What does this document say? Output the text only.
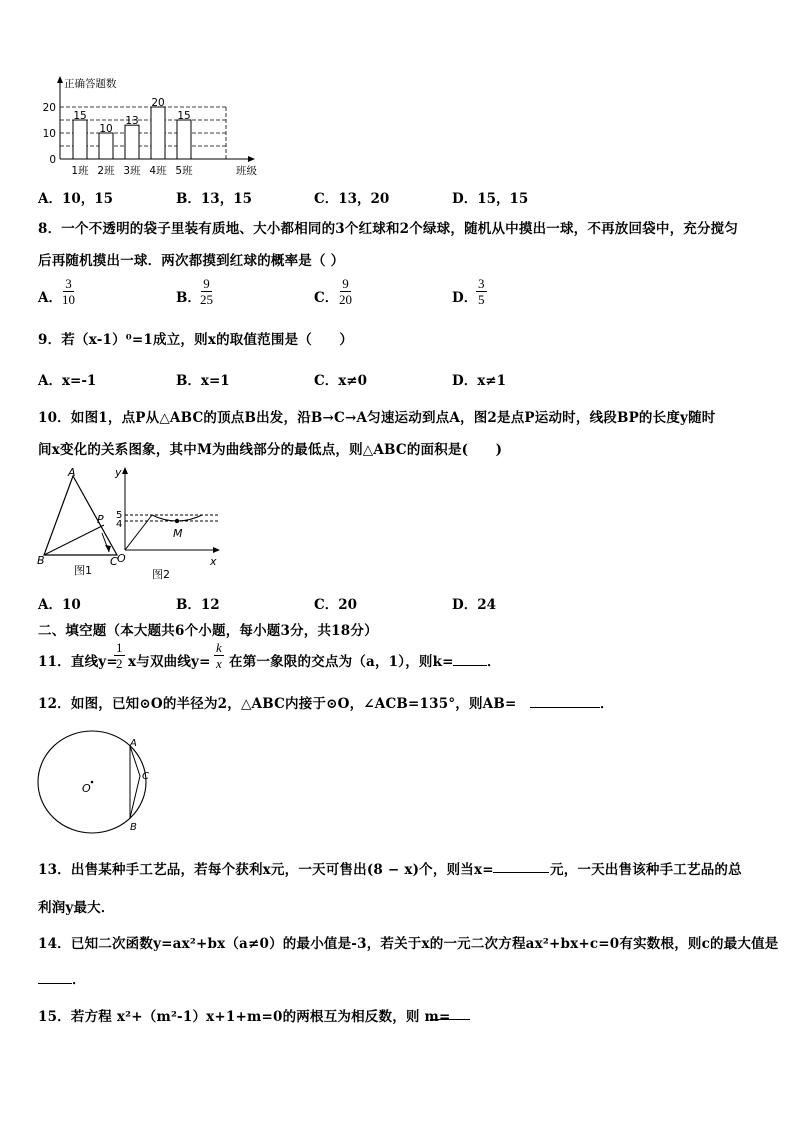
正确答题数
班级
20
10
0
15
1班
10
2班
13
3班
20
4班
15
5班
A．10，15	B．13，15	C．13，20	D．15，15
8．一个不透明的袋子里装有质地、大小都相同的3个红球和2个绿球，随机从中摸出一球，不再放回袋中，充分搅匀
后再随机摸出一球．两次都摸到红球的概率是（ ）
A． $\frac{3}{10}$	B． $\frac{9}{25}$	C． $\frac{9}{20}$	D．
$\frac{3}{5}$
9．若（x-1）⁰=1成立，则x的取值范围是（　　）
A．x=-1	B．x=1	C．x≠0	D．x≠1
10．如图1，点P从△ABC的顶点B出发，沿B→C→A匀速运动到点A，图2是点P运动时，线段BP的长度y随时
间x变化的关系图象，其中M为曲线部分的最低点，则△ABC的面积是(　　)
A
B	C
P
图1
y
x
O
M
5
4
图2
A．10	B．12	C．20	D．24
二、填空题（本大题共6个小题，每小题3分，共18分）
11．直线y=
$\frac{1}{2}$ x与双曲线$y= \frac{k}{x}$ 在第一象限的交点为（a，1），则k=	．
12．如图，已知⊙O的半径为2，△ABC内接于⊙O，∠ACB=135°，则AB=	．
O
A
C
B
13．出售某种手工艺品，若每个获利x元，一天可售出(8 − x)个，则当x=	元，一天出售该种手工艺品的总
利润y最大．
14．已知二次函数y=ax²+bx（a≠0）的最小值是-3，若关于x的一元二次方程ax²+bx+c=0有实数根，则c的最大值是
．
15．若方程 x²+（m²-1）x+1+m=0的两根互为相反数，则 m=
